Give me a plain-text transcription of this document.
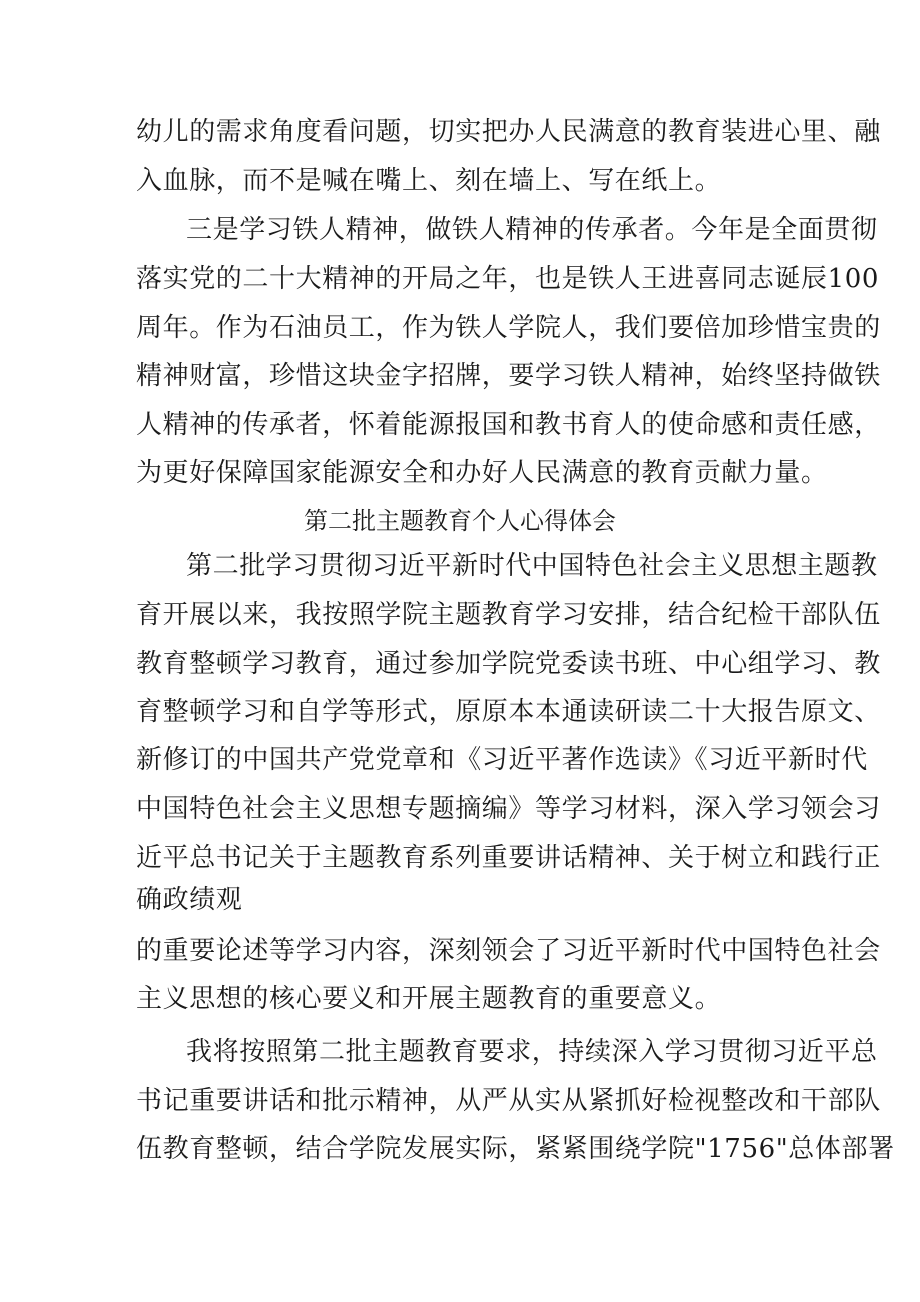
幼儿的需求角度看问题，切实把办人民满意的教育装进心里、融
入血脉，而不是喊在嘴上、刻在墙上、写在纸上。
三是学习铁人精神，做铁人精神的传承者。今年是全面贯彻
落实党的二十大精神的开局之年，也是铁人王进喜同志诞辰100
周年。作为石油员工，作为铁人学院人，我们要倍加珍惜宝贵的
精神财富，珍惜这块金字招牌，要学习铁人精神，始终坚持做铁
人精神的传承者，怀着能源报国和教书育人的使命感和责任感，
为更好保障国家能源安全和办好人民满意的教育贡献力量。
第二批主题教育个人心得体会
第二批学习贯彻习近平新时代中国特色社会主义思想主题教
育开展以来，我按照学院主题教育学习安排，结合纪检干部队伍
教育整顿学习教育，通过参加学院党委读书班、中心组学习、教
育整顿学习和自学等形式，原原本本通读研读二十大报告原文、
新修订的中国共产党党章和《习近平著作选读》《习近平新时代
中国特色社会主义思想专题摘编》等学习材料，深入学习领会习
近平总书记关于主题教育系列重要讲话精神、关于树立和践行正
确政绩观
的重要论述等学习内容，深刻领会了习近平新时代中国特色社会
主义思想的核心要义和开展主题教育的重要意义。
我将按照第二批主题教育要求，持续深入学习贯彻习近平总
书记重要讲话和批示精神，从严从实从紧抓好检视整改和干部队
伍教育整顿，结合学院发展实际，紧紧围绕学院"1756"总体部署
